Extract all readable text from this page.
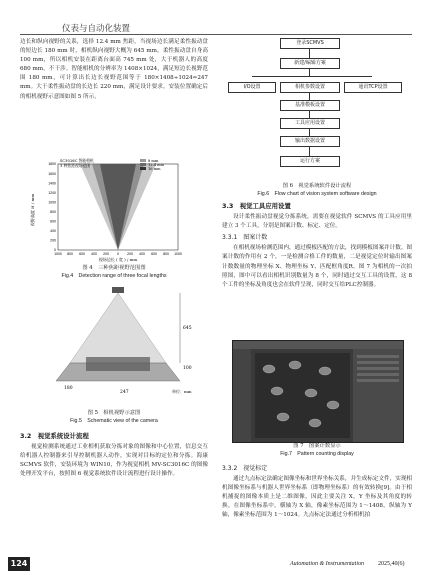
仪表与自动化装置

边长和纵向视野的关系，选择 12.4 mm 焦距，当视场边长满足柔性振动盘的短边长 180 mm 时，相机纵向视野大概为 645 mm，柔性振动盘自身高 100 mm，所以相机安装在距离台面高 745 mm 处，大于机器人的高度 680 mm，不干涉。智能相机的分辨率为 1408×1024，满足短边长视野范围 180 mm，可计算出长边长视野范围等于 180×1408÷1024≈247 mm。大于柔性振动盘的长边长 220 mm，满足设计要求。安装位置确定后的相机视野示意图如图 5 所示。

0
200
400
600
800
1000
1200
1400
1600
1800
1000 800 600 400 200 0 200 400 600 800 1000
SC3016C 智能相机
3 种焦距视场范围
8 mm
12.4 mm
16 mm
视野高度 H / mm
视场边长 ( 宽 ) / mm
图 4　三种焦距视野范围图
Fig.4　Detection range of three focal lengths
645
100
180
247	单位：mm
图 5　相机视野示意图
Fig.5　Schematic view of the camera
3.2　视觉系统设计流程

视觉检测系统通过工业相机获取分拣对象的图像和中心位置，信息交互给机器人控制器来引导控制机器人动作，实现对目标的定位和分拣。海康 SCMVS 软件，安装环境为 WIN10，作为视觉相机 MV-SC3016C 的图像处理开发平台，按照图 6 视觉系统软件设计流程进行设计操作。

登录SCMVS
新建/编辑方案
I/O设置	相机参数设置	通讯TCP设置
基准模板设置
工具应用设置
输出数据设置
运行方案
图 6　视觉系统软件设计流程
Fig.6　Flow chart of vision system software design
3.3　视觉工具应用设置

设计柔性振动盘视觉分拣系统，需要在视觉软件 SCMVS 的工具应用里建立 3 个工具，分别是图案计数、标定、定位。

3.3.1　图案计数

在相机视场检测范围内，通过模板匹配的方法，找到模板图案并计数。图案计数的作用有 2 个，一是检测合格工件的数量，二是视觉定位时输出图案计数数量的物理坐标 X、物理坐标 Y、匹配框角度R。图 7 为相机的一次拍照图，图中可以看出相机识别数量为 8 个，同时通过交互工具的设置，这 8 个工件的坐标及角度也会在软件呈现，同时交互给PLC控制器。

图 7　图案计数显示
Fig.7　Pattern counting display
3.3.2　视觉标定

通过九点标定法确定图像坐标和世界坐标关系，并生成标定文件，实现相机图像坐标系与机器人世界坐标系（即物理坐标系）的有效转换[9]。由于相机捕捉的图像本质上是二维图像，因此主要关注 X，Y 坐标及其角度的转换。在图像坐标系中，横轴为 X 轴，像素坐标范围为 1～1408，纵轴为 Y 轴，像素坐标范围为 1～1024。九点标定法通过分析相机拍

124	Automation & Instrumentation 2025,40(6)
